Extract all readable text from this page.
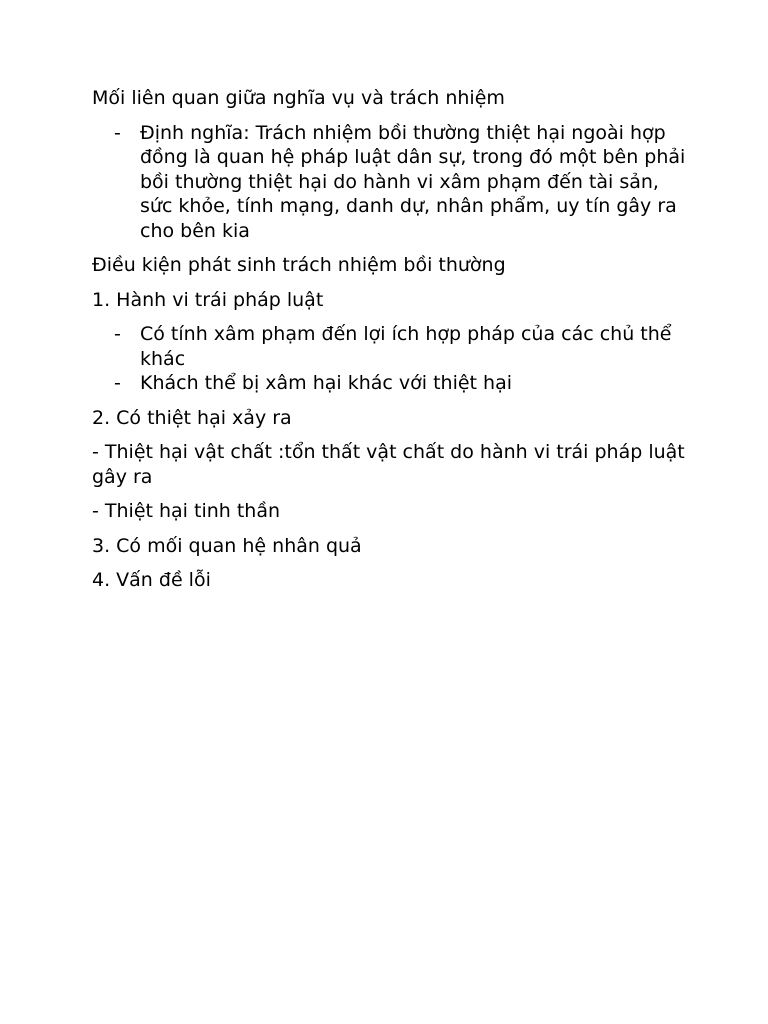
Mối liên quan giữa nghĩa vụ và trách nhiệm

- Định nghĩa: Trách nhiệm bồi thường thiệt hại ngoài hợp đồng là quan hệ pháp luật dân sự, trong đó một bên phải bồi thường thiệt hại do hành vi xâm phạm đến tài sản, sức khỏe, tính mạng, danh dự, nhân phẩm, uy tín gây ra cho bên kia

Điều kiện phát sinh trách nhiệm bồi thường

1. Hành vi trái pháp luật

- Có tính xâm phạm đến lợi ích hợp pháp của các chủ thể khác
- Khách thể bị xâm hại khác với thiệt hại

2. Có thiệt hại xảy ra

- Thiệt hại vật chất :tổn thất vật chất do hành vi trái pháp luật gây ra

- Thiệt hại tinh thần

3. Có mối quan hệ nhân quả

4. Vấn đề lỗi
